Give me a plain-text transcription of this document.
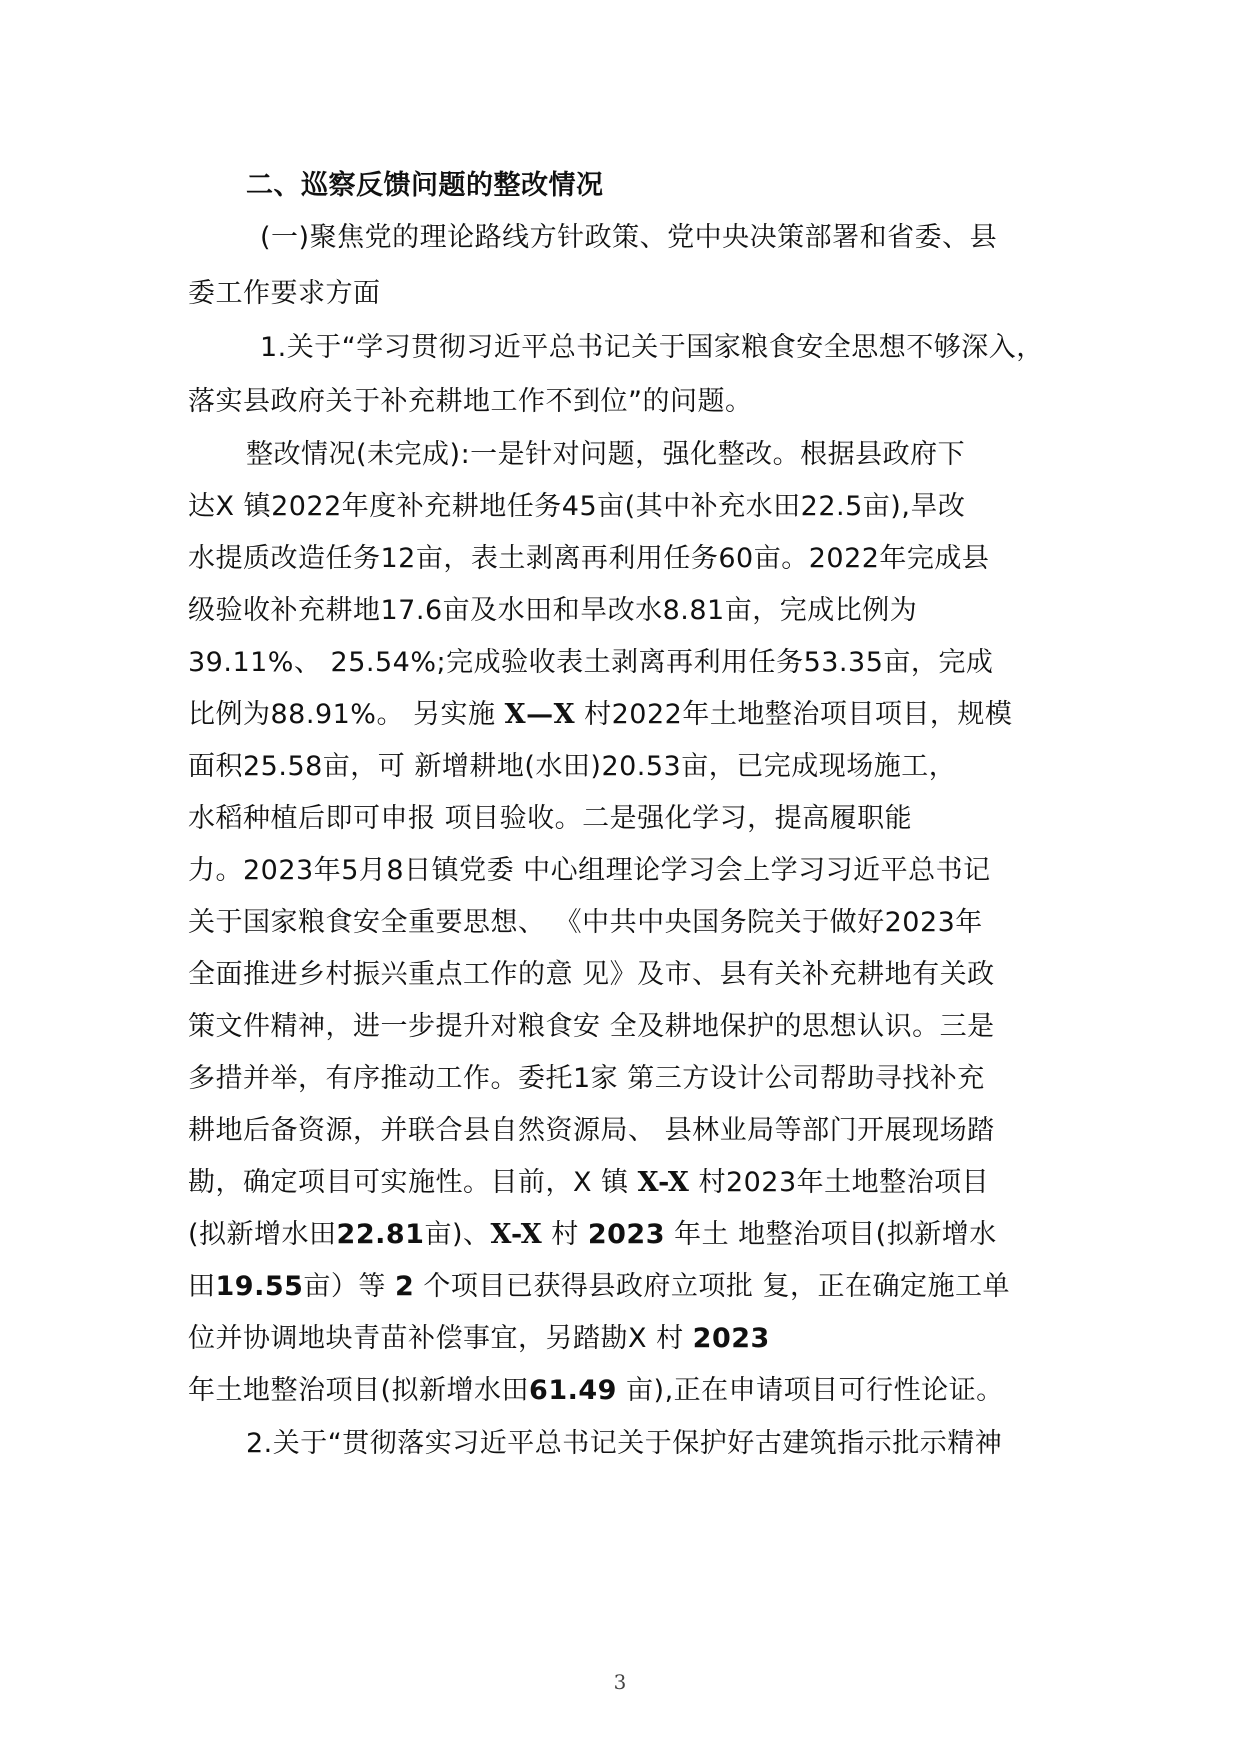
二、巡察反馈问题的整改情况
(一)聚焦党的理论路线方针政策、党中央决策部署和省委、县
委工作要求方面
1.关于“学习贯彻习近平总书记关于国家粮食安全思想不够深入，
落实县政府关于补充耕地工作不到位”的问题。
整改情况(未完成):一是针对问题，强化整改。根据县政府下
达X 镇2022年度补充耕地任务45亩(其中补充水田22.5亩),旱改
水提质改造任务12亩，表土剥离再利用任务60亩。2022年完成县
级验收补充耕地17.6亩及水田和旱改水8.81亩，完成比例为
39.11%、 25.54%;完成验收表土剥离再利用任务53.35亩，完成
比例为88.91%。 另实施 X—X 村2022年土地整治项目项目，规模
面积25.58亩，可 新增耕地(水田)20.53亩，已完成现场施工，
水稻种植后即可申报 项目验收。二是强化学习，提高履职能
力。2023年5月8日镇党委 中心组理论学习会上学习习近平总书记
关于国家粮食安全重要思想、 《中共中央国务院关于做好2023年
全面推进乡村振兴重点工作的意 见》及市、县有关补充耕地有关政
策文件精神，进一步提升对粮食安 全及耕地保护的思想认识。三是
多措并举，有序推动工作。委托1家 第三方设计公司帮助寻找补充
耕地后备资源，并联合县自然资源局、 县林业局等部门开展现场踏
勘，确定项目可实施性。目前，X 镇 X-X 村2023年土地整治项目
(拟新增水田22.81亩)、X-X 村 2023 年土 地整治项目(拟新增水
田19.55亩）等 2 个项目已获得县政府立项批 复，正在确定施工单
位并协调地块青苗补偿事宜，另踏勘X 村 2023
年土地整治项目(拟新增水田61.49 亩),正在申请项目可行性论证。
2.关于“贯彻落实习近平总书记关于保护好古建筑指示批示精神
3
